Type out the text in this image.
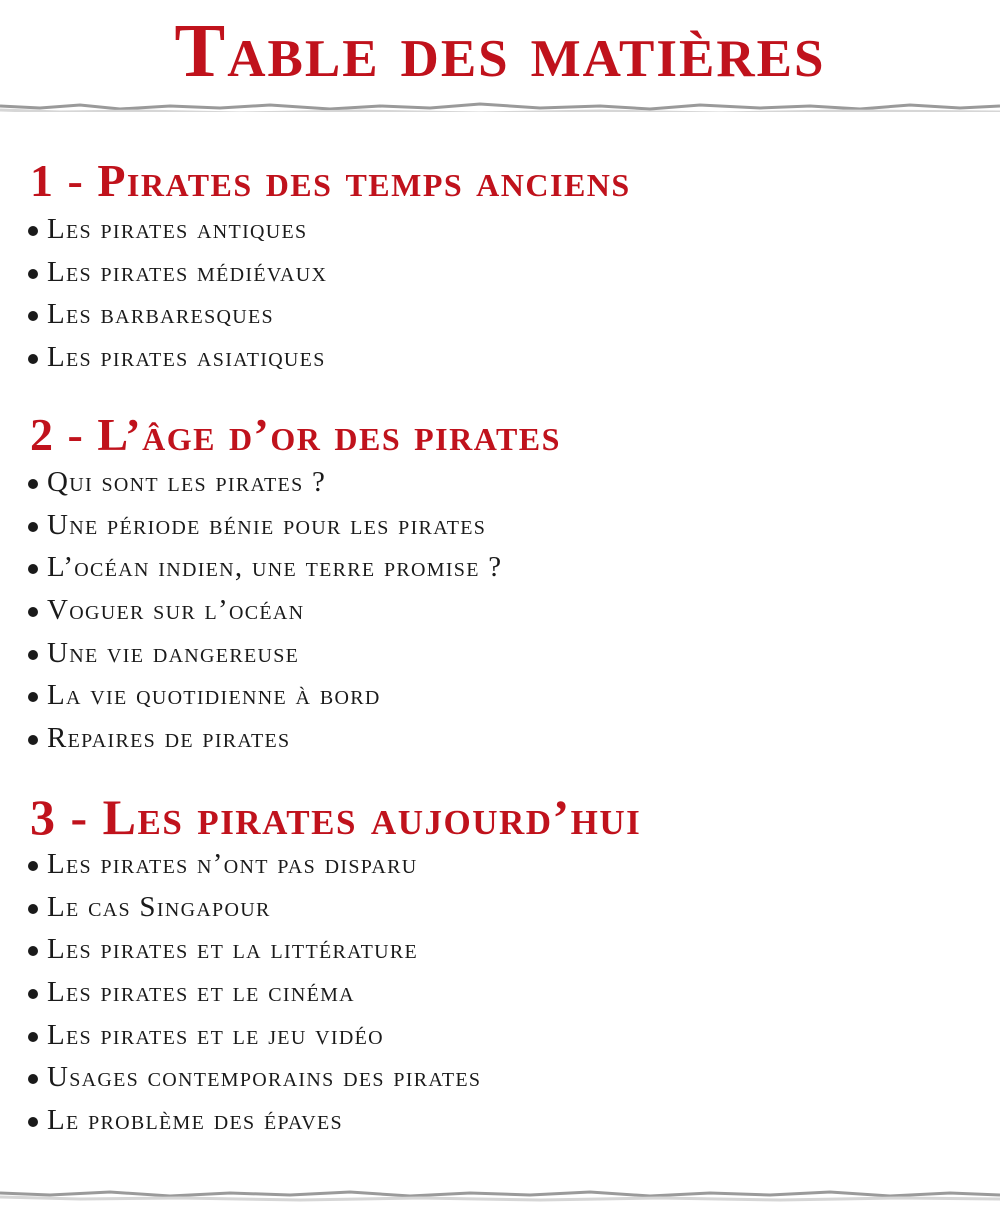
Table des matières
1 - Pirates des temps anciens
Les pirates antiques
Les pirates médiévaux
Les barbaresques
Les pirates asiatiques
2 - L’âge d’or des pirates
Qui sont les pirates ?
Une période bénie pour les pirates
L’océan indien, une terre promise ?
Voguer sur l’océan
Une vie dangereuse
La vie quotidienne à bord
Repaires de pirates
3 - Les pirates aujourd’hui
Les pirates n’ont pas disparu
Le cas Singapour
Les pirates et la littérature
Les pirates et le cinéma
Les pirates et le jeu vidéo
Usages contemporains des pirates
Le problème des épaves
